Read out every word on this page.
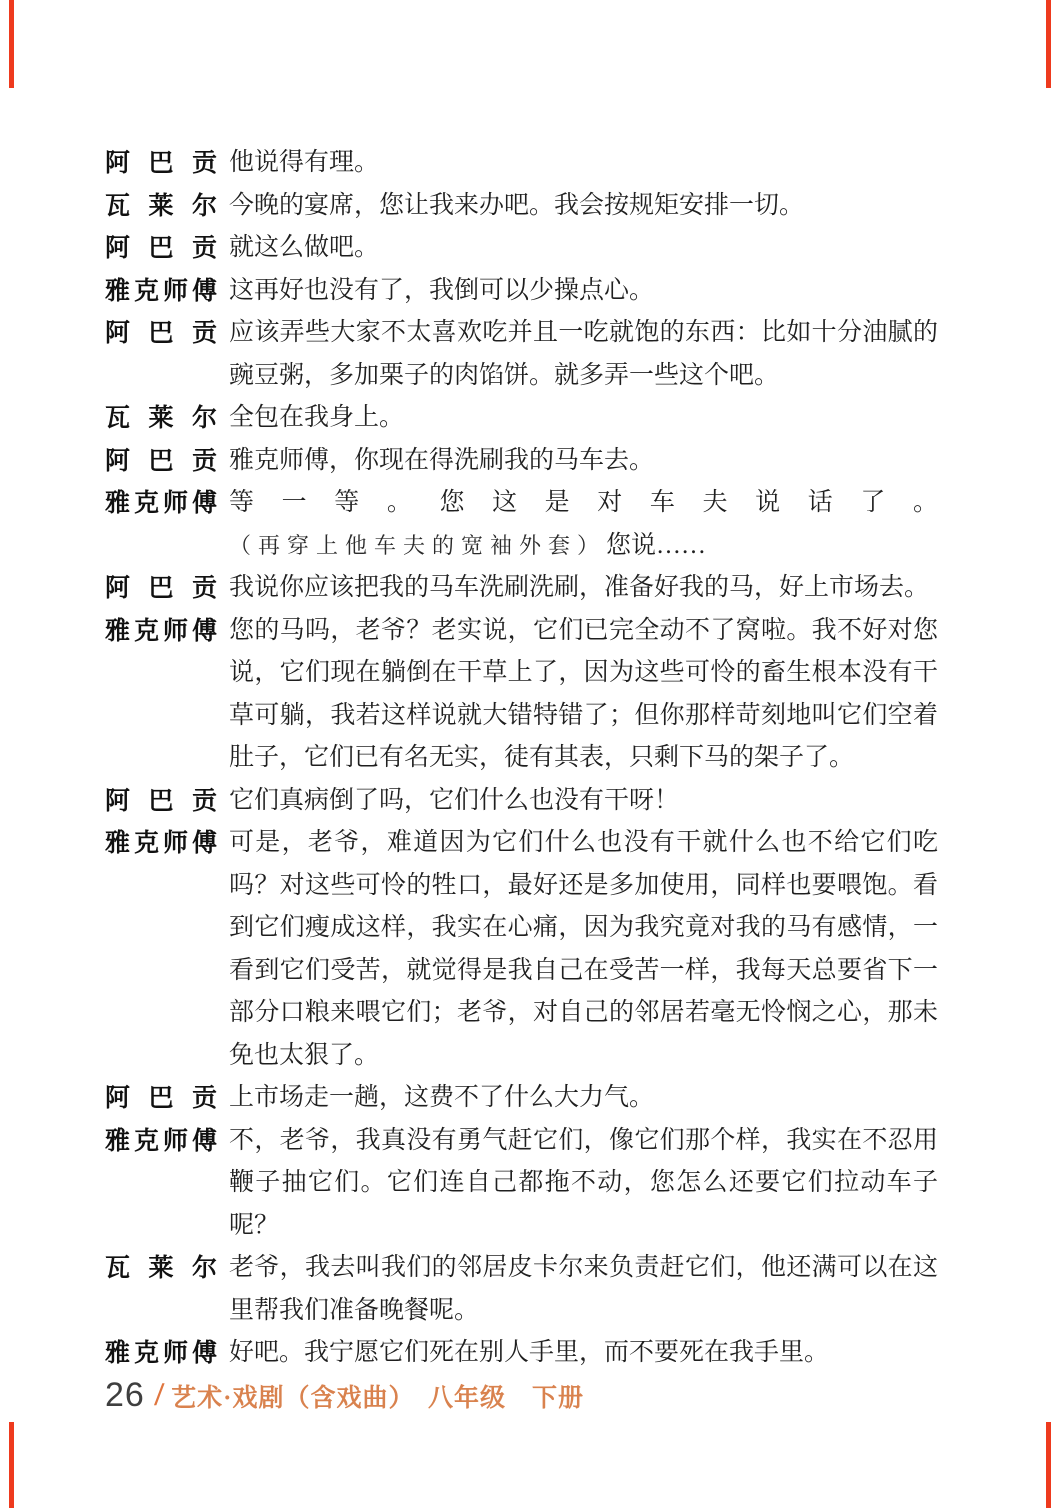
阿 巴 贡 他说得有理。
瓦 莱 尔 今晚的宴席，您让我来办吧。我会按规矩安排一切。
阿 巴 贡 就这么做吧。
雅 克 师 傅 这再好也没有了，我倒可以少操点心。
阿 巴 贡 应该弄些大家不太喜欢吃并且一吃就饱的东西：比如十分油腻的豌豆粥，多加栗子的肉馅饼。就多弄一些这个吧。
瓦 莱 尔 全包在我身上。
阿 巴 贡 雅克师傅，你现在得洗刷我的马车去。
雅 克 师 傅 等一等。您这是对车夫说话了。（再穿上他车夫的宽袖外套）您说……
阿 巴 贡 我说你应该把我的马车洗刷洗刷，准备好我的马，好上市场去。
雅 克 师 傅 您的马吗，老爷？老实说，它们已完全动不了窝啦。我不好对您说，它们现在躺倒在干草上了，因为这些可怜的畜生根本没有干草可躺，我若这样说就大错特错了；但你那样苛刻地叫它们空着肚子，它们已有名无实，徒有其表，只剩下马的架子了。
阿 巴 贡 它们真病倒了吗，它们什么也没有干呀！
雅 克 师 傅 可是，老爷，难道因为它们什么也没有干就什么也不给它们吃吗？对这些可怜的牲口，最好还是多加使用，同样也要喂饱。看到它们瘦成这样，我实在心痛，因为我究竟对我的马有感情，一看到它们受苦，就觉得是我自己在受苦一样，我每天总要省下一部分口粮来喂它们；老爷，对自己的邻居若毫无怜悯之心，那未免也太狠了。
阿 巴 贡 上市场走一趟，这费不了什么大力气。
雅 克 师 傅 不，老爷，我真没有勇气赶它们，像它们那个样，我实在不忍用鞭子抽它们。它们连自己都拖不动，您怎么还要它们拉动车子呢？
瓦 莱 尔 老爷，我去叫我们的邻居皮卡尔来负责赶它们，他还满可以在这里帮我们准备晚餐呢。
雅 克 师 傅 好吧。我宁愿它们死在别人手里，而不要死在我手里。
26 / 艺术·戏剧（含戏曲）　八年级　下册
